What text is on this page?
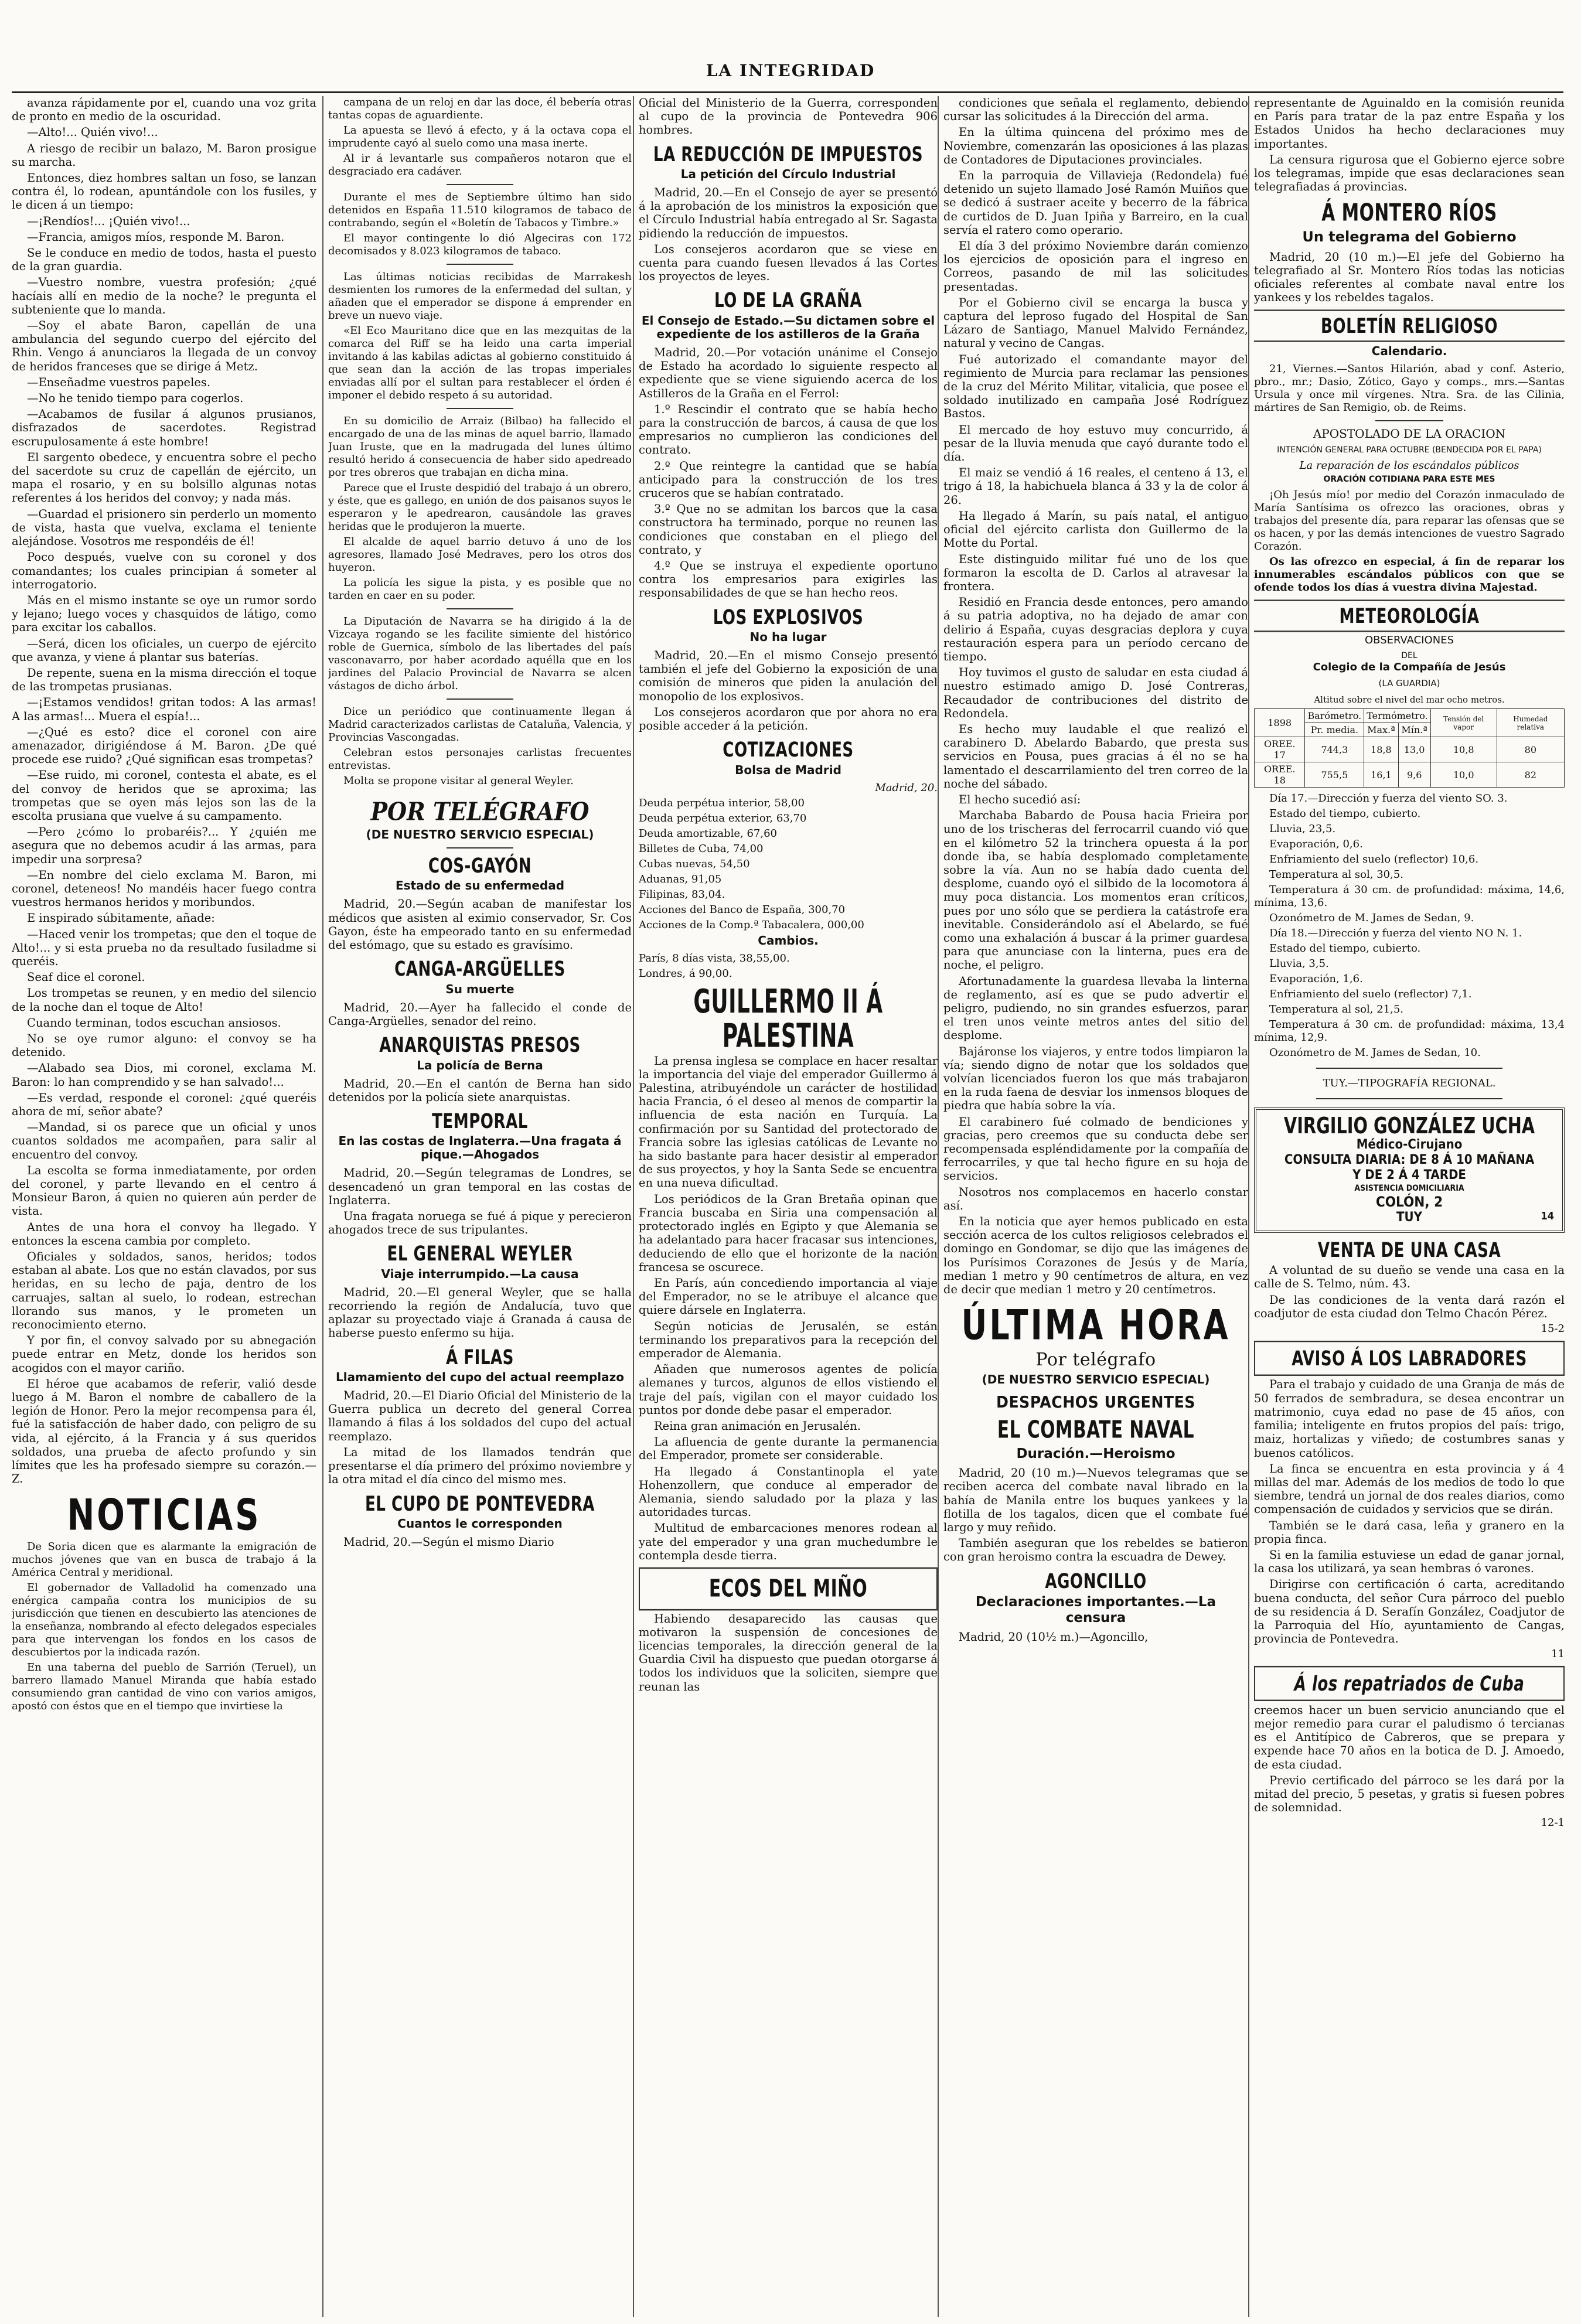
LA INTEGRIDAD

avanza rápidamente por el, cuando una voz grita de pronto en medio de la oscuridad.

—Alto!... Quién vivo!...

A riesgo de recibir un balazo, M. Baron prosigue su marcha.

Entonces, diez hombres saltan un foso, se lanzan contra él, lo rodean, apuntándole con los fusiles, y le dicen á un tiempo:

—¡Rendíos!... ¡Quién vivo!...

—Francia, amigos míos, responde M. Baron.

Se le conduce en medio de todos, hasta el puesto de la gran guardia.

—Vuestro nombre, vuestra profesión; ¿qué hacíais allí en medio de la noche? le pregunta el subteniente que lo manda.

—Soy el abate Baron, capellán de una ambulancia del segundo cuerpo del ejército del Rhin. Vengo á anunciaros la llegada de un convoy de heridos franceses que se dirige á Metz.

—Enseñadme vuestros papeles.

—No he tenido tiempo para cogerlos.

—Acabamos de fusilar á algunos prusianos, disfrazados de sacerdotes. Registrad escrupulosamente á este hombre!

El sargento obedece, y encuentra sobre el pecho del sacerdote su cruz de capellán de ejército, un mapa el rosario, y en su bolsillo algunas notas referentes á los heridos del convoy; y nada más.

—Guardad el prisionero sin perderlo un momento de vista, hasta que vuelva, exclama el teniente alejándose. Vosotros me respondéis de él!

Poco después, vuelve con su coronel y dos comandantes; los cuales principian á someter al interrogatorio.

Más en el mismo instante se oye un rumor sordo y lejano; luego voces y chasquidos de látigo, como para excitar los caballos.

—Será, dicen los oficiales, un cuerpo de ejército que avanza, y viene á plantar sus baterías.

De repente, suena en la misma dirección el toque de las trompetas prusianas.

—¡Estamos vendidos! gritan todos: A las armas! A las armas!... Muera el espía!...

—¿Qué es esto? dice el coronel con aire amenazador, dirigiéndose á M. Baron. ¿De qué procede ese ruido? ¿Qué significan esas trompetas?

—Ese ruido, mi coronel, contesta el abate, es el del convoy de heridos que se aproxima; las trompetas que se oyen más lejos son las de la escolta prusiana que vuelve á su campamento.

—Pero ¿cómo lo probaréis?... Y ¿quién me asegura que no debemos acudir á las armas, para impedir una sorpresa?

—En nombre del cielo exclama M. Baron, mi coronel, deteneos! No mandéis hacer fuego contra vuestros hermanos heridos y moribundos.

E inspirado súbitamente, añade:

—Haced venir los trompetas; que den el toque de Alto!... y si esta prueba no da resultado fusiladme si queréis.

Seaf dice el coronel.

Los trompetas se reunen, y en medio del silencio de la noche dan el toque de Alto!

Cuando terminan, todos escuchan ansiosos.

No se oye rumor alguno: el convoy se ha detenido.

—Alabado sea Dios, mi coronel, exclama M. Baron: lo han comprendido y se han salvado!...

—Es verdad, responde el coronel: ¿qué queréis ahora de mí, señor abate?

—Mandad, si os parece que un oficial y unos cuantos soldados me acompañen, para salir al encuentro del convoy.

La escolta se forma inmediatamente, por orden del coronel, y parte llevando en el centro á Monsieur Baron, á quien no quieren aún perder de vista.

Antes de una hora el convoy ha llegado. Y entonces la escena cambia por completo.

Oficiales y soldados, sanos, heridos; todos estaban al abate. Los que no están clavados, por sus heridas, en su lecho de paja, dentro de los carruajes, saltan al suelo, lo rodean, estrechan llorando sus manos, y le prometen un reconocimiento eterno.

Y por fin, el convoy salvado por su abnegación puede entrar en Metz, donde los heridos son acogidos con el mayor cariño.

El héroe que acabamos de referir, valió desde luego á M. Baron el nombre de caballero de la legión de Honor. Pero la mejor recompensa para él, fué la satisfacción de haber dado, con peligro de su vida, al ejército, á la Francia y á sus queridos soldados, una prueba de afecto profundo y sin límites que les ha profesado siempre su corazón.—Z.

NOTICIAS

De Soria dicen que es alarmante la emigración de muchos jóvenes que van en busca de trabajo á la América Central y meridional.

El gobernador de Valladolid ha comenzado una enérgica campaña contra los municipios de su jurisdicción que tienen en descubierto las atenciones de la enseñanza, nombrando al efecto delegados especiales para que intervengan los fondos en los casos de descubiertos por la indicada razón.

En una taberna del pueblo de Sarrión (Teruel), un barrero llamado Manuel Miranda que había estado consumiendo gran cantidad de vino con varios amigos, apostó con éstos que en el tiempo que invirtiese la

campana de un reloj en dar las doce, él bebería otras tantas copas de aguardiente.

La apuesta se llevó á efecto, y á la octava copa el imprudente cayó al suelo como una masa inerte.

Al ir á levantarle sus compañeros notaron que el desgraciado era cadáver.

Durante el mes de Septiembre último han sido detenidos en España 11.510 kilogramos de tabaco de contrabando, según el «Boletín de Tabacos y Timbre.»

El mayor contingente lo dió Algeciras con 172 decomisados y 8.023 kilogramos de tabaco.

Las últimas noticias recibidas de Marrakesh desmienten los rumores de la enfermedad del sultan, y añaden que el emperador se dispone á emprender en breve un nuevo viaje.

«El Eco Mauritano dice que en las mezquitas de la comarca del Riff se ha leido una carta imperial invitando á las kabilas adictas al gobierno constituido á que sean dan la acción de las tropas imperiales enviadas allí por el sultan para restablecer el órden é imponer el debido respeto á su autoridad.

En su domicilio de Arraiz (Bilbao) ha fallecido el encargado de una de las minas de aquel barrio, llamado Juan Iruste, que en la madrugada del lunes último resultó herido á consecuencia de haber sido apedreado por tres obreros que trabajan en dicha mina.

Parece que el Iruste despidió del trabajo á un obrero, y éste, que es gallego, en unión de dos paisanos suyos le esperaron y le apedrearon, causándole las graves heridas que le produjeron la muerte.

El alcalde de aquel barrio detuvo á uno de los agresores, llamado José Medraves, pero los otros dos huyeron.

La policía les sigue la pista, y es posible que no tarden en caer en su poder.

La Diputación de Navarra se ha dirigido á la de Vizcaya rogando se les facilite simiente del histórico roble de Guernica, símbolo de las libertades del país vasconavarro, por haber acordado aquélla que en los jardines del Palacio Provincial de Navarra se alcen vástagos de dicho árbol.

Dice un periódico que continuamente llegan á Madrid caracterizados carlistas de Cataluña, Valencia, y Provincias Vascongadas.

Celebran estos personajes carlistas frecuentes entrevistas.

Molta se propone visitar al general Weyler.

POR TELÉGRAFO
(DE NUESTRO SERVICIO ESPECIAL)
COS-GAYÓN
Estado de su enfermedad

Madrid, 20.—Según acaban de manifestar los médicos que asisten al eximio conservador, Sr. Cos Gayon, éste ha empeorado tanto en su enfermedad del estómago, que su estado es gravísimo.

CANGA-ARGÜELLES
Su muerte

Madrid, 20.—Ayer ha fallecido el conde de Canga-Argüelles, senador del reino.

ANARQUISTAS PRESOS
La policía de Berna

Madrid, 20.—En el cantón de Berna han sido detenidos por la policía siete anarquistas.

TEMPORAL
En las costas de Inglaterra.—Una fragata á pique.—Ahogados

Madrid, 20.—Según telegramas de Londres, se desencadenó un gran temporal en las costas de Inglaterra.

Una fragata noruega se fué á pique y perecieron ahogados trece de sus tripulantes.

EL GENERAL WEYLER
Viaje interrumpido.—La causa

Madrid, 20.—El general Weyler, que se halla recorriendo la región de Andalucía, tuvo que aplazar su proyectado viaje á Granada á causa de haberse puesto enfermo su hija.

Á FILAS
Llamamiento del cupo del actual reemplazo

Madrid, 20.—El Diario Oficial del Ministerio de la Guerra publica un decreto del general Correa llamando á filas á los soldados del cupo del actual reemplazo.

La mitad de los llamados tendrán que presentarse el día primero del próximo noviembre y la otra mitad el día cinco del mismo mes.

EL CUPO DE PONTEVEDRA
Cuantos le corresponden

Madrid, 20.—Según el mismo Diario

Oficial del Ministerio de la Guerra, corresponden al cupo de la provincia de Pontevedra 906 hombres.

LA REDUCCIÓN DE IMPUESTOS
La petición del Círculo Industrial

Madrid, 20.—En el Consejo de ayer se presentó á la aprobación de los ministros la exposición que el Círculo Industrial había entregado al Sr. Sagasta pidiendo la reducción de impuestos.

Los consejeros acordaron que se viese en cuenta para cuando fuesen llevados á las Cortes los proyectos de leyes.

LO DE LA GRAÑA
El Consejo de Estado.—Su dictamen sobre el expediente de los astilleros de la Graña

Madrid, 20.—Por votación unánime el Consejo de Estado ha acordado lo siguiente respecto al expediente que se viene siguiendo acerca de los Astilleros de la Graña en el Ferrol:

1.º Rescindir el contrato que se había hecho para la construcción de barcos, á causa de que los empresarios no cumplieron las condiciones del contrato.

2.º Que reintegre la cantidad que se había anticipado para la construcción de los tres cruceros que se habían contratado.

3.º Que no se admitan los barcos que la casa constructora ha terminado, porque no reunen las condiciones que constaban en el pliego del contrato, y

4.º Que se instruya el expediente oportuno contra los empresarios para exigirles las responsabilidades de que se han hecho reos.

LOS EXPLOSIVOS
No ha lugar

Madrid, 20.—En el mismo Consejo presentó también el jefe del Gobierno la exposición de una comisión de mineros que piden la anulación del monopolio de los explosivos.

Los consejeros acordaron que por ahora no era posible acceder á la petición.

COTIZACIONES
Bolsa de Madrid

Madrid, 20.

Deuda perpétua interior, 58,00

Deuda perpétua exterior, 63,70

Deuda amortizable, 67,60

Billetes de Cuba, 74,00

Cubas nuevas, 54,50

Aduanas, 91,05

Filipinas, 83,04.

Acciones del Banco de España, 300,70

Acciones de la Comp.ª Tabacalera, 000,00

Cambios.

París, 8 días vista, 38,55,00.

Londres, á 90,00.

GUILLERMO II Á PALESTINA

La prensa inglesa se complace en hacer resaltar la importancia del viaje del emperador Guillermo á Palestina, atribuyéndole un carácter de hostilidad hacia Francia, ó el deseo al menos de compartir la influencia de esta nación en Turquía. La confirmación por su Santidad del protectorado de Francia sobre las iglesias católicas de Levante no ha sido bastante para hacer desistir al emperador de sus proyectos, y hoy la Santa Sede se encuentra en una nueva dificultad.

Los periódicos de la Gran Bretaña opinan que Francia buscaba en Siria una compensación al protectorado inglés en Egipto y que Alemania se ha adelantado para hacer fracasar sus intenciones, deduciendo de ello que el horizonte de la nación francesa se oscurece.

En París, aún concediendo importancia al viaje del Emperador, no se le atribuye el alcance que quiere dársele en Inglaterra.

Según noticias de Jerusalén, se están terminando los preparativos para la recepción del emperador de Alemania.

Añaden que numerosos agentes de policía alemanes y turcos, algunos de ellos vistiendo el traje del país, vigilan con el mayor cuidado los puntos por donde debe pasar el emperador.

Reina gran animación en Jerusalén.

La afluencia de gente durante la permanencia del Emperador, promete ser considerable.

Ha llegado á Constantinopla el yate Hohenzollern, que conduce al emperador de Alemania, siendo saludado por la plaza y las autoridades turcas.

Multitud de embarcaciones menores rodean al yate del emperador y una gran muchedumbre le contempla desde tierra.

ECOS DEL MIÑO

Habiendo desaparecido las causas que motivaron la suspensión de concesiones de licencias temporales, la dirección general de la Guardia Civil ha dispuesto que puedan otorgarse á todos los individuos que la soliciten, siempre que reunan las

condiciones que señala el reglamento, debiendo cursar las solicitudes á la Dirección del arma.

En la última quincena del próximo mes de Noviembre, comenzarán las oposiciones á las plazas de Contadores de Diputaciones provinciales.

En la parroquia de Villavieja (Redondela) fué detenido un sujeto llamado José Ramón Muiños que se dedicó á sustraer aceite y becerro de la fábrica de curtidos de D. Juan Ipiña y Barreiro, en la cual servía el ratero como operario.

El día 3 del próximo Noviembre darán comienzo los ejercicios de oposición para el ingreso en Correos, pasando de mil las solicitudes presentadas.

Por el Gobierno civil se encarga la busca y captura del leproso fugado del Hospital de San Lázaro de Santiago, Manuel Malvido Fernández, natural y vecino de Cangas.

Fué autorizado el comandante mayor del regimiento de Murcia para reclamar las pensiones de la cruz del Mérito Militar, vitalicia, que posee el soldado inutilizado en campaña José Rodríguez Bastos.

El mercado de hoy estuvo muy concurrido, á pesar de la lluvia menuda que cayó durante todo el día.

El maiz se vendió á 16 reales, el centeno á 13, el trigo á 18, la habichuela blanca á 33 y la de color á 26.

Ha llegado á Marín, su país natal, el antiguo oficial del ejército carlista don Guillermo de la Motte du Portal.

Este distinguido militar fué uno de los que formaron la escolta de D. Carlos al atravesar la frontera.

Residió en Francia desde entonces, pero amando á su patria adoptiva, no ha dejado de amar con delirio á España, cuyas desgracias deplora y cuya restauración espera para un período cercano de tiempo.

Hoy tuvimos el gusto de saludar en esta ciudad á nuestro estimado amigo D. José Contreras, Recaudador de contribuciones del distrito de Redondela.

Es hecho muy laudable el que realizó el carabinero D. Abelardo Babardo, que presta sus servicios en Pousa, pues gracias á él no se ha lamentado el descarrilamiento del tren correo de la noche del sábado.

El hecho sucedió así:

Marchaba Babardo de Pousa hacia Frieira por uno de los trischeras del ferrocarril cuando vió que en el kilómetro 52 la trinchera opuesta á la por donde iba, se había desplomado completamente sobre la vía. Aun no se había dado cuenta del desplome, cuando oyó el silbido de la locomotora á muy poca distancia. Los momentos eran críticos, pues por uno sólo que se perdiera la catástrofe era inevitable. Considerándolo así el Abelardo, se fué como una exhalación á buscar á la primer guardesa para que anunciase con la linterna, pues era de noche, el peligro.

Afortunadamente la guardesa llevaba la linterna de reglamento, así es que se pudo advertir el peligro, pudiendo, no sin grandes esfuerzos, parar el tren unos veinte metros antes del sitio del desplome.

Bajáronse los viajeros, y entre todos limpiaron la vía; siendo digno de notar que los soldados que volvían licenciados fueron los que más trabajaron en la ruda faena de desviar los inmensos bloques de piedra que había sobre la vía.

El carabinero fué colmado de bendiciones y gracias, pero creemos que su conducta debe ser recompensada espléndidamente por la compañía de ferrocarriles, y que tal hecho figure en su hoja de servicios.

Nosotros nos complacemos en hacerlo constar así.

En la noticia que ayer hemos publicado en esta sección acerca de los cultos religiosos celebrados el domingo en Gondomar, se dijo que las imágenes de los Purísimos Corazones de Jesús y de María, median 1 metro y 90 centímetros de altura, en vez de decir que median 1 metro y 20 centímetros.

ÚLTIMA HORA
Por telégrafo
(DE NUESTRO SERVICIO ESPECIAL)
DESPACHOS URGENTES
EL COMBATE NAVAL
Duración.—Heroismo

Madrid, 20 (10 m.)—Nuevos telegramas que se reciben acerca del combate naval librado en la bahía de Manila entre los buques yankees y la flotilla de los tagalos, dicen que el combate fué largo y muy reñido.

También aseguran que los rebeldes se batieron con gran heroismo contra la escuadra de Dewey.

AGONCILLO
Declaraciones importantes.—La censura

Madrid, 20 (10½ m.)—Agoncillo,

representante de Aguinaldo en la comisión reunida en París para tratar de la paz entre España y los Estados Unidos ha hecho declaraciones muy importantes.

La censura rigurosa que el Gobierno ejerce sobre los telegramas, impide que esas declaraciones sean telegrafiadas á provincias.

Á MONTERO RÍOS
Un telegrama del Gobierno

Madrid, 20 (10 m.)—El jefe del Gobierno ha telegrafiado al Sr. Montero Ríos todas las noticias oficiales referentes al combate naval entre los yankees y los rebeldes tagalos.

BOLETÍN RELIGIOSO
Calendario.

21, Viernes.—Santos Hilarión, abad y conf. Asterio, pbro., mr.; Dasio, Zótico, Gayo y comps., mrs.—Santas Ursula y once mil vírgenes. Ntra. Sra. de las Cilinia, mártires de San Remigio, ob. de Reims.

APOSTOLADO DE LA ORACION
INTENCIÓN GENERAL PARA OCTUBRE (BENDECIDA POR EL PAPA)

La reparación de los escándalos públicos

ORACIÓN COTIDIANA PARA ESTE MES

¡Oh Jesús mío! por medio del Corazón inmaculado de María Santísima os ofrezco las oraciones, obras y trabajos del presente día, para reparar las ofensas que se os hacen, y por las demás intenciones de vuestro Sagrado Corazón.

Os las ofrezco en especial, á fin de reparar los innumerables escándalos públicos con que se ofende todos los días á vuestra divina Majestad.

METEOROLOGÍA
OBSERVACIONES
DEL
Colegio de la Compañía de Jesús
(LA GUARDIA)

Altitud sobre el nivel del mar ocho metros.

1898	Barómetro.	Termómetro.		Tensión del vapor	Humedad relativa
	Pr. media.	Max.ª	Mín.ª		
OREE. 17	744,3	18,8	13,0	10,8	80
OREE. 18	755,5	16,1	9,6	10,0	82

Día 17.—Dirección y fuerza del viento SO. 3.

Estado del tiempo, cubierto.

Lluvia, 23,5.

Evaporación, 0,6.

Enfriamiento del suelo (reflector) 10,6.

Temperatura al sol, 30,5.

Temperatura á 30 cm. de profundidad: máxima, 14,6, mínima, 13,6.

Ozonómetro de M. James de Sedan, 9.

Día 18.—Dirección y fuerza del viento NO N. 1.

Estado del tiempo, cubierto.

Lluvia, 3,5.

Evaporación, 1,6.

Enfriamiento del suelo (reflector) 7,1.

Temperatura al sol, 21,5.

Temperatura á 30 cm. de profundidad: máxima, 13,4 mínima, 12,9.

Ozonómetro de M. James de Sedan, 10.

TUY.—TIPOGRAFÍA REGIONAL.

VIRGILIO GONZÁLEZ UCHA
Médico-Cirujano
CONSULTA DIARIA: DE 8 Á 10 MAÑANA
Y DE 2 Á 4 TARDE
ASISTENCIA DOMICILIARIA
COLÓN, 2
TUY	14
VENTA DE UNA CASA

A voluntad de su dueño se vende una casa en la calle de S. Telmo, núm. 43.

De las condiciones de la venta dará razón el coadjutor de esta ciudad don Telmo Chacón Pérez.

15-2

AVISO Á LOS LABRADORES

Para el trabajo y cuidado de una Granja de más de 50 ferrados de sembradura, se desea encontrar un matrimonio, cuya edad no pase de 45 años, con familia; inteligente en frutos propios del país: trigo, maiz, hortalizas y viñedo; de costumbres sanas y buenos católicos.

La finca se encuentra en esta provincia y á 4 millas del mar. Además de los medios de todo lo que siembre, tendrá un jornal de dos reales diarios, como compensación de cuidados y servicios que se dirán.

También se le dará casa, leña y granero en la propia finca.

Si en la familia estuviese un edad de ganar jornal, la casa los utilizará, ya sean hembras ó varones.

Dirigirse con certificación ó carta, acreditando buena conducta, del señor Cura párroco del pueblo de su residencia á D. Serafín González, Coadjutor de la Parroquia del Hío, ayuntamiento de Cangas, provincia de Pontevedra.

11

Á los repatriados de Cuba

creemos hacer un buen servicio anunciando que el mejor remedio para curar el paludismo ó tercianas es el Antitípico de Cabreros, que se prepara y expende hace 70 años en la botica de D. J. Amoedo, de esta ciudad.

Previo certificado del párroco se les dará por la mitad del precio, 5 pesetas, y gratis si fuesen pobres de solemnidad.

12-1
